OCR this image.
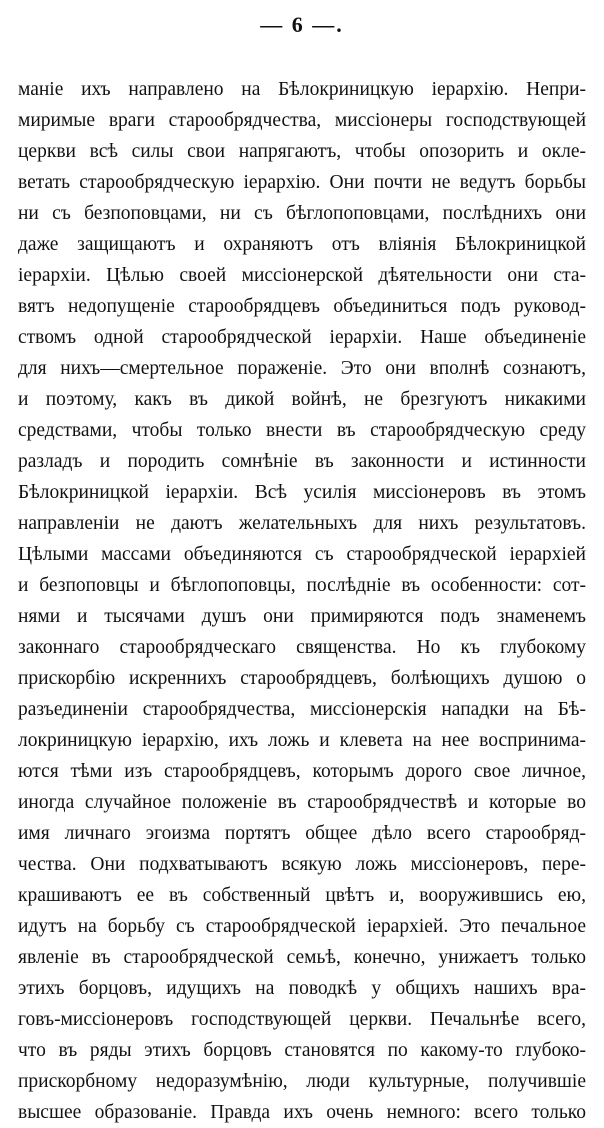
— 6 —.
маніе ихъ направлено на Бѣлокриницкую іерархію. Непри-
миримые враги старообрядчества, миссіонеры господствующей
церкви всѣ силы свои напрягаютъ, чтобы опозорить и окле-
ветать старообрядческую іерархію. Они почти не ведутъ борьбы
ни съ безпоповцами, ни съ бѣглопоповцами, послѣднихъ они
даже защищаютъ и охраняютъ отъ вліянія Бѣлокриницкой
іерархіи. Цѣлью своей миссіонерской дѣятельности они ста-
вятъ недопущеніе старообрядцевъ объединиться подъ руковод-
ствомъ одной старообрядческой іерархіи. Наше объединеніе
для нихъ—смертельное пораженіе. Это они вполнѣ сознаютъ,
и поэтому, какъ въ дикой войнѣ, не брезгуютъ никакими
средствами, чтобы только внести въ старообрядческую среду
разладъ и породить сомнѣніе въ законности и истинности
Бѣлокриницкой іерархіи. Всѣ усилія миссіонеровъ въ этомъ
направленіи не даютъ желательныхъ для нихъ результатовъ.
Цѣлыми массами объединяются съ старообрядческой іерархіей
и безпоповцы и бѣглопоповцы, послѣдніе въ особенности: сот-
нями и тысячами душъ они примиряются подъ знаменемъ
законнаго старообрядческаго священства. Но къ глубокому
прискорбію искреннихъ старообрядцевъ, болѣющихъ душою о
разъединеніи старообрядчества, миссіонерскія нападки на Бѣ-
локриницкую іерархію, ихъ ложь и клевета на нее воспринима-
ются тѣми изъ старообрядцевъ, которымъ дорого свое личное,
иногда случайное положеніе въ старообрядчествѣ и которые во
имя личнаго эгоизма портятъ общее дѣло всего старообряд-
чества. Они подхватываютъ всякую ложь миссіонеровъ, пере-
крашиваютъ ее въ собственный цвѣтъ и, вооружившись ею,
идутъ на борьбу съ старообрядческой іерархіей. Это печальное
явленіе въ старообрядческой семьѣ, конечно, унижаетъ только
этихъ борцовъ, идущихъ на поводкѣ у общихъ нашихъ вра-
говъ-миссіонеровъ господствующей церкви. Печальнѣе всего,
что въ ряды этихъ борцовъ становятся по какому-то глубоко-
прискорбному недоразумѣнію, люди культурные, получившіе
высшее образованіе. Правда ихъ очень немного: всего только
